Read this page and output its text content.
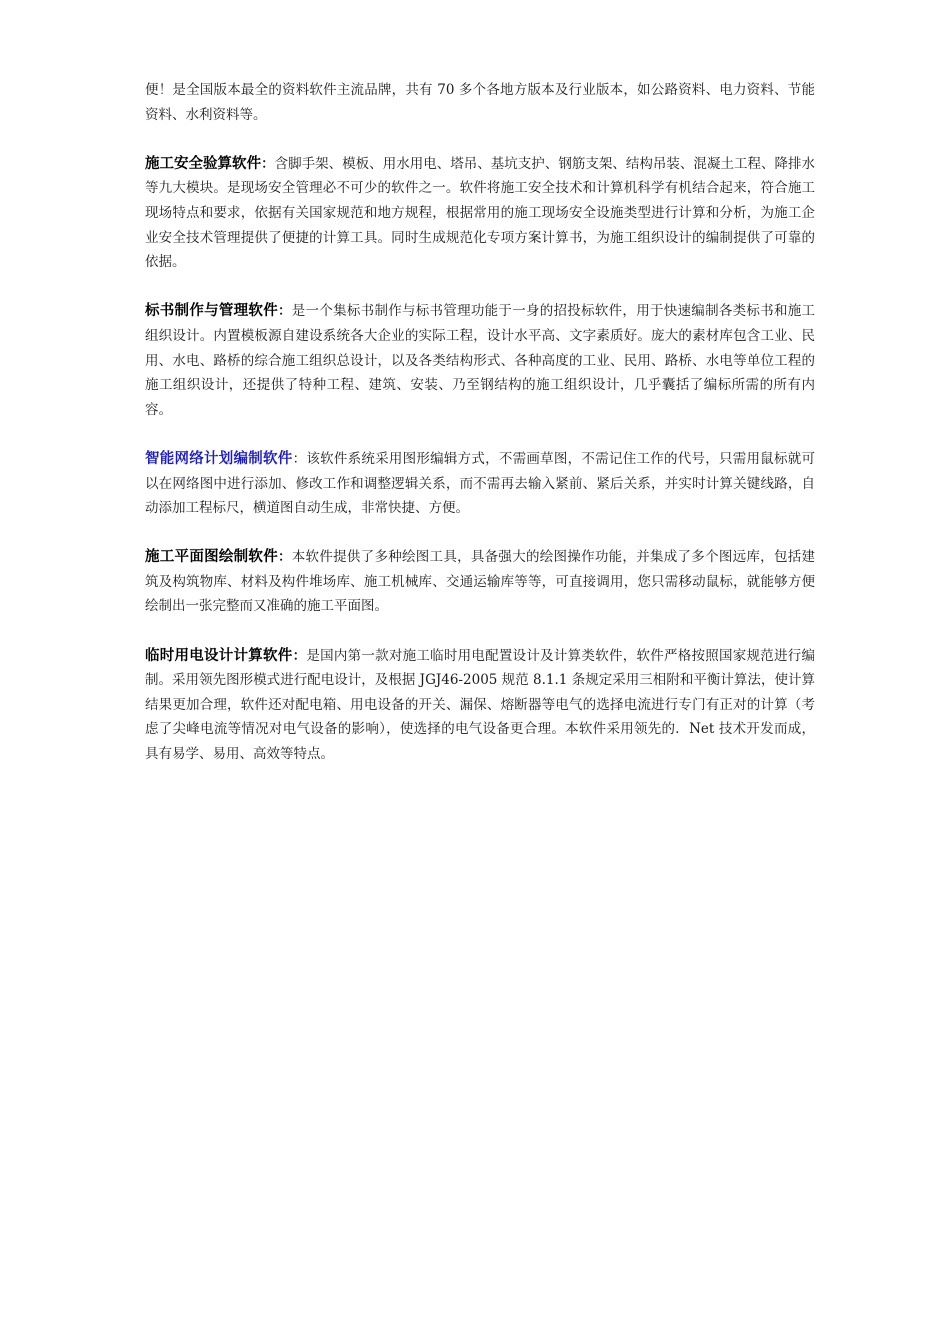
便！是全国版本最全的资料软件主流品牌，共有 70 多个各地方版本及行业版本，如公路资料、电力资料、节能资料、水利资料等。

施工安全验算软件：含脚手架、模板、用水用电、塔吊、基坑支护、钢筋支架、结构吊装、混凝土工程、降排水等九大模块。是现场安全管理必不可少的软件之一。软件将施工安全技术和计算机科学有机结合起来，符合施工现场特点和要求，依据有关国家规范和地方规程，根据常用的施工现场安全设施类型进行计算和分析，为施工企业安全技术管理提供了便捷的计算工具。同时生成规范化专项方案计算书，为施工组织设计的编制提供了可靠的依据。

标书制作与管理软件：是一个集标书制作与标书管理功能于一身的招投标软件，用于快速编制各类标书和施工组织设计。内置模板源自建设系统各大企业的实际工程，设计水平高、文字素质好。庞大的素材库包含工业、民用、水电、路桥的综合施工组织总设计，以及各类结构形式、各种高度的工业、民用、路桥、水电等单位工程的施工组织设计，还提供了特种工程、建筑、安装、乃至钢结构的施工组织设计，几乎囊括了编标所需的所有内容。

智能网络计划编制软件：该软件系统采用图形编辑方式，不需画草图，不需记住工作的代号，只需用鼠标就可以在网络图中进行添加、修改工作和调整逻辑关系，而不需再去输入紧前、紧后关系，并实时计算关键线路，自动添加工程标尺，横道图自动生成，非常快捷、方便。

施工平面图绘制软件：本软件提供了多种绘图工具，具备强大的绘图操作功能，并集成了多个图远库，包括建筑及构筑物库、材料及构件堆场库、施工机械库、交通运输库等等，可直接调用，您只需移动鼠标，就能够方便绘制出一张完整而又准确的施工平面图。

临时用电设计计算软件：是国内第一款对施工临时用电配置设计及计算类软件，软件严格按照国家规范进行编制。采用领先图形模式进行配电设计，及根据 JGJ46-2005 规范 8.1.1 条规定采用三相附和平衡计算法，使计算结果更加合理，软件还对配电箱、用电设备的开关、漏保、熔断器等电气的选择电流进行专门有正对的计算（考虑了尖峰电流等情况对电气设备的影响），使选择的电气设备更合理。本软件采用领先的．Net 技术开发而成，具有易学、易用、高效等特点。
